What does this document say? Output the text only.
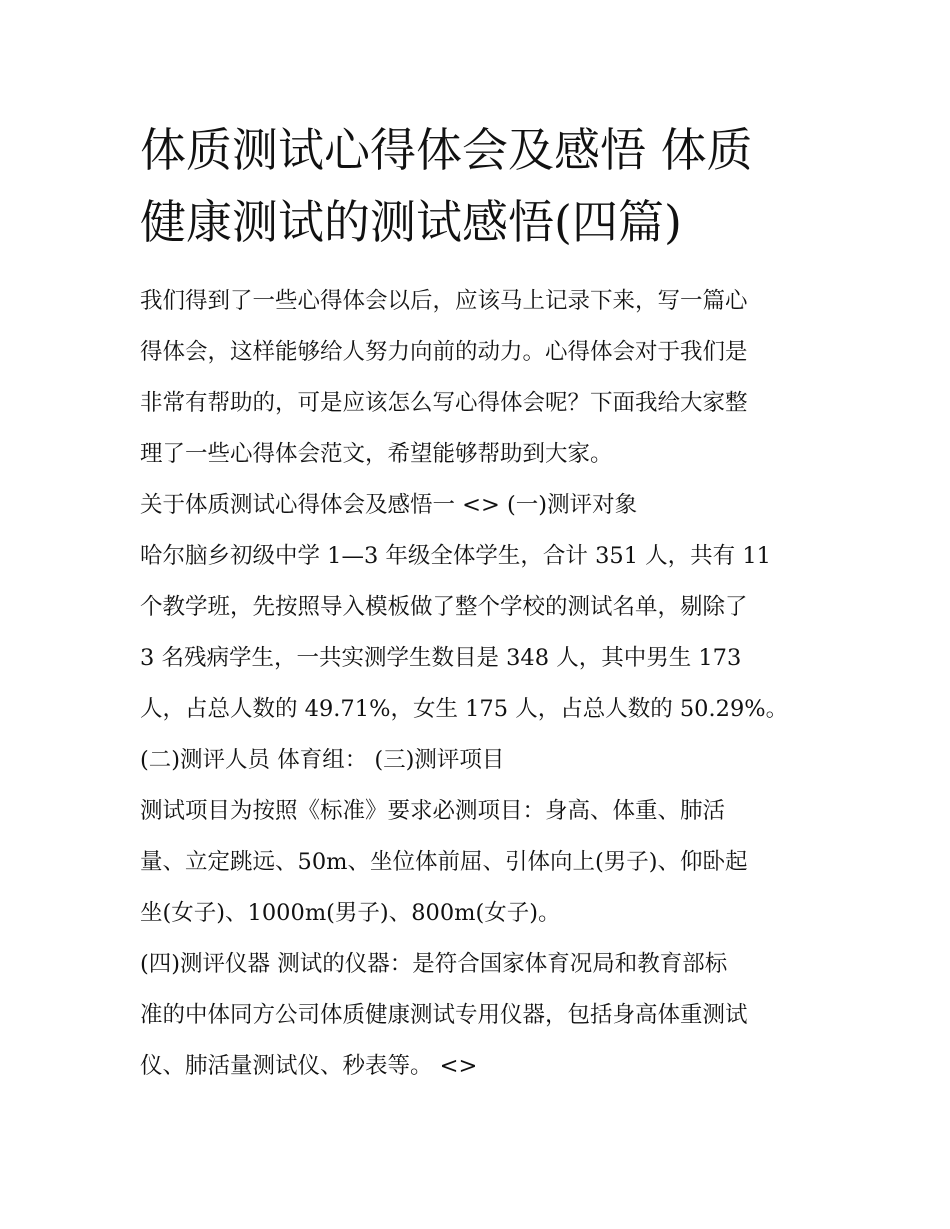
体质测试心得体会及感悟 体质
健康测试的测试感悟(四篇)
我们得到了一些心得体会以后，应该马上记录下来，写一篇心
得体会，这样能够给人努力向前的动力。心得体会对于我们是
非常有帮助的，可是应该怎么写心得体会呢？下面我给大家整
理了一些心得体会范文，希望能够帮助到大家。
关于体质测试心得体会及感悟一 <> (一)测评对象
哈尔脑乡初级中学 1—3 年级全体学生，合计 351 人，共有 11
个教学班，先按照导入模板做了整个学校的测试名单，剔除了
3 名残病学生，一共实测学生数目是 348 人，其中男生 173
人，占总人数的 49.71%，女生 175 人，占总人数的 50.29%。
(二)测评人员 体育组： (三)测评项目
测试项目为按照《标准》要求必测项目：身高、体重、肺活
量、立定跳远、50m、坐位体前屈、引体向上(男子)、仰卧起
坐(女子)、1000m(男子)、800m(女子)。
(四)测评仪器 测试的仪器：是符合国家体育况局和教育部标
准的中体同方公司体质健康测试专用仪器，包括身高体重测试
仪、肺活量测试仪、秒表等。 <>
